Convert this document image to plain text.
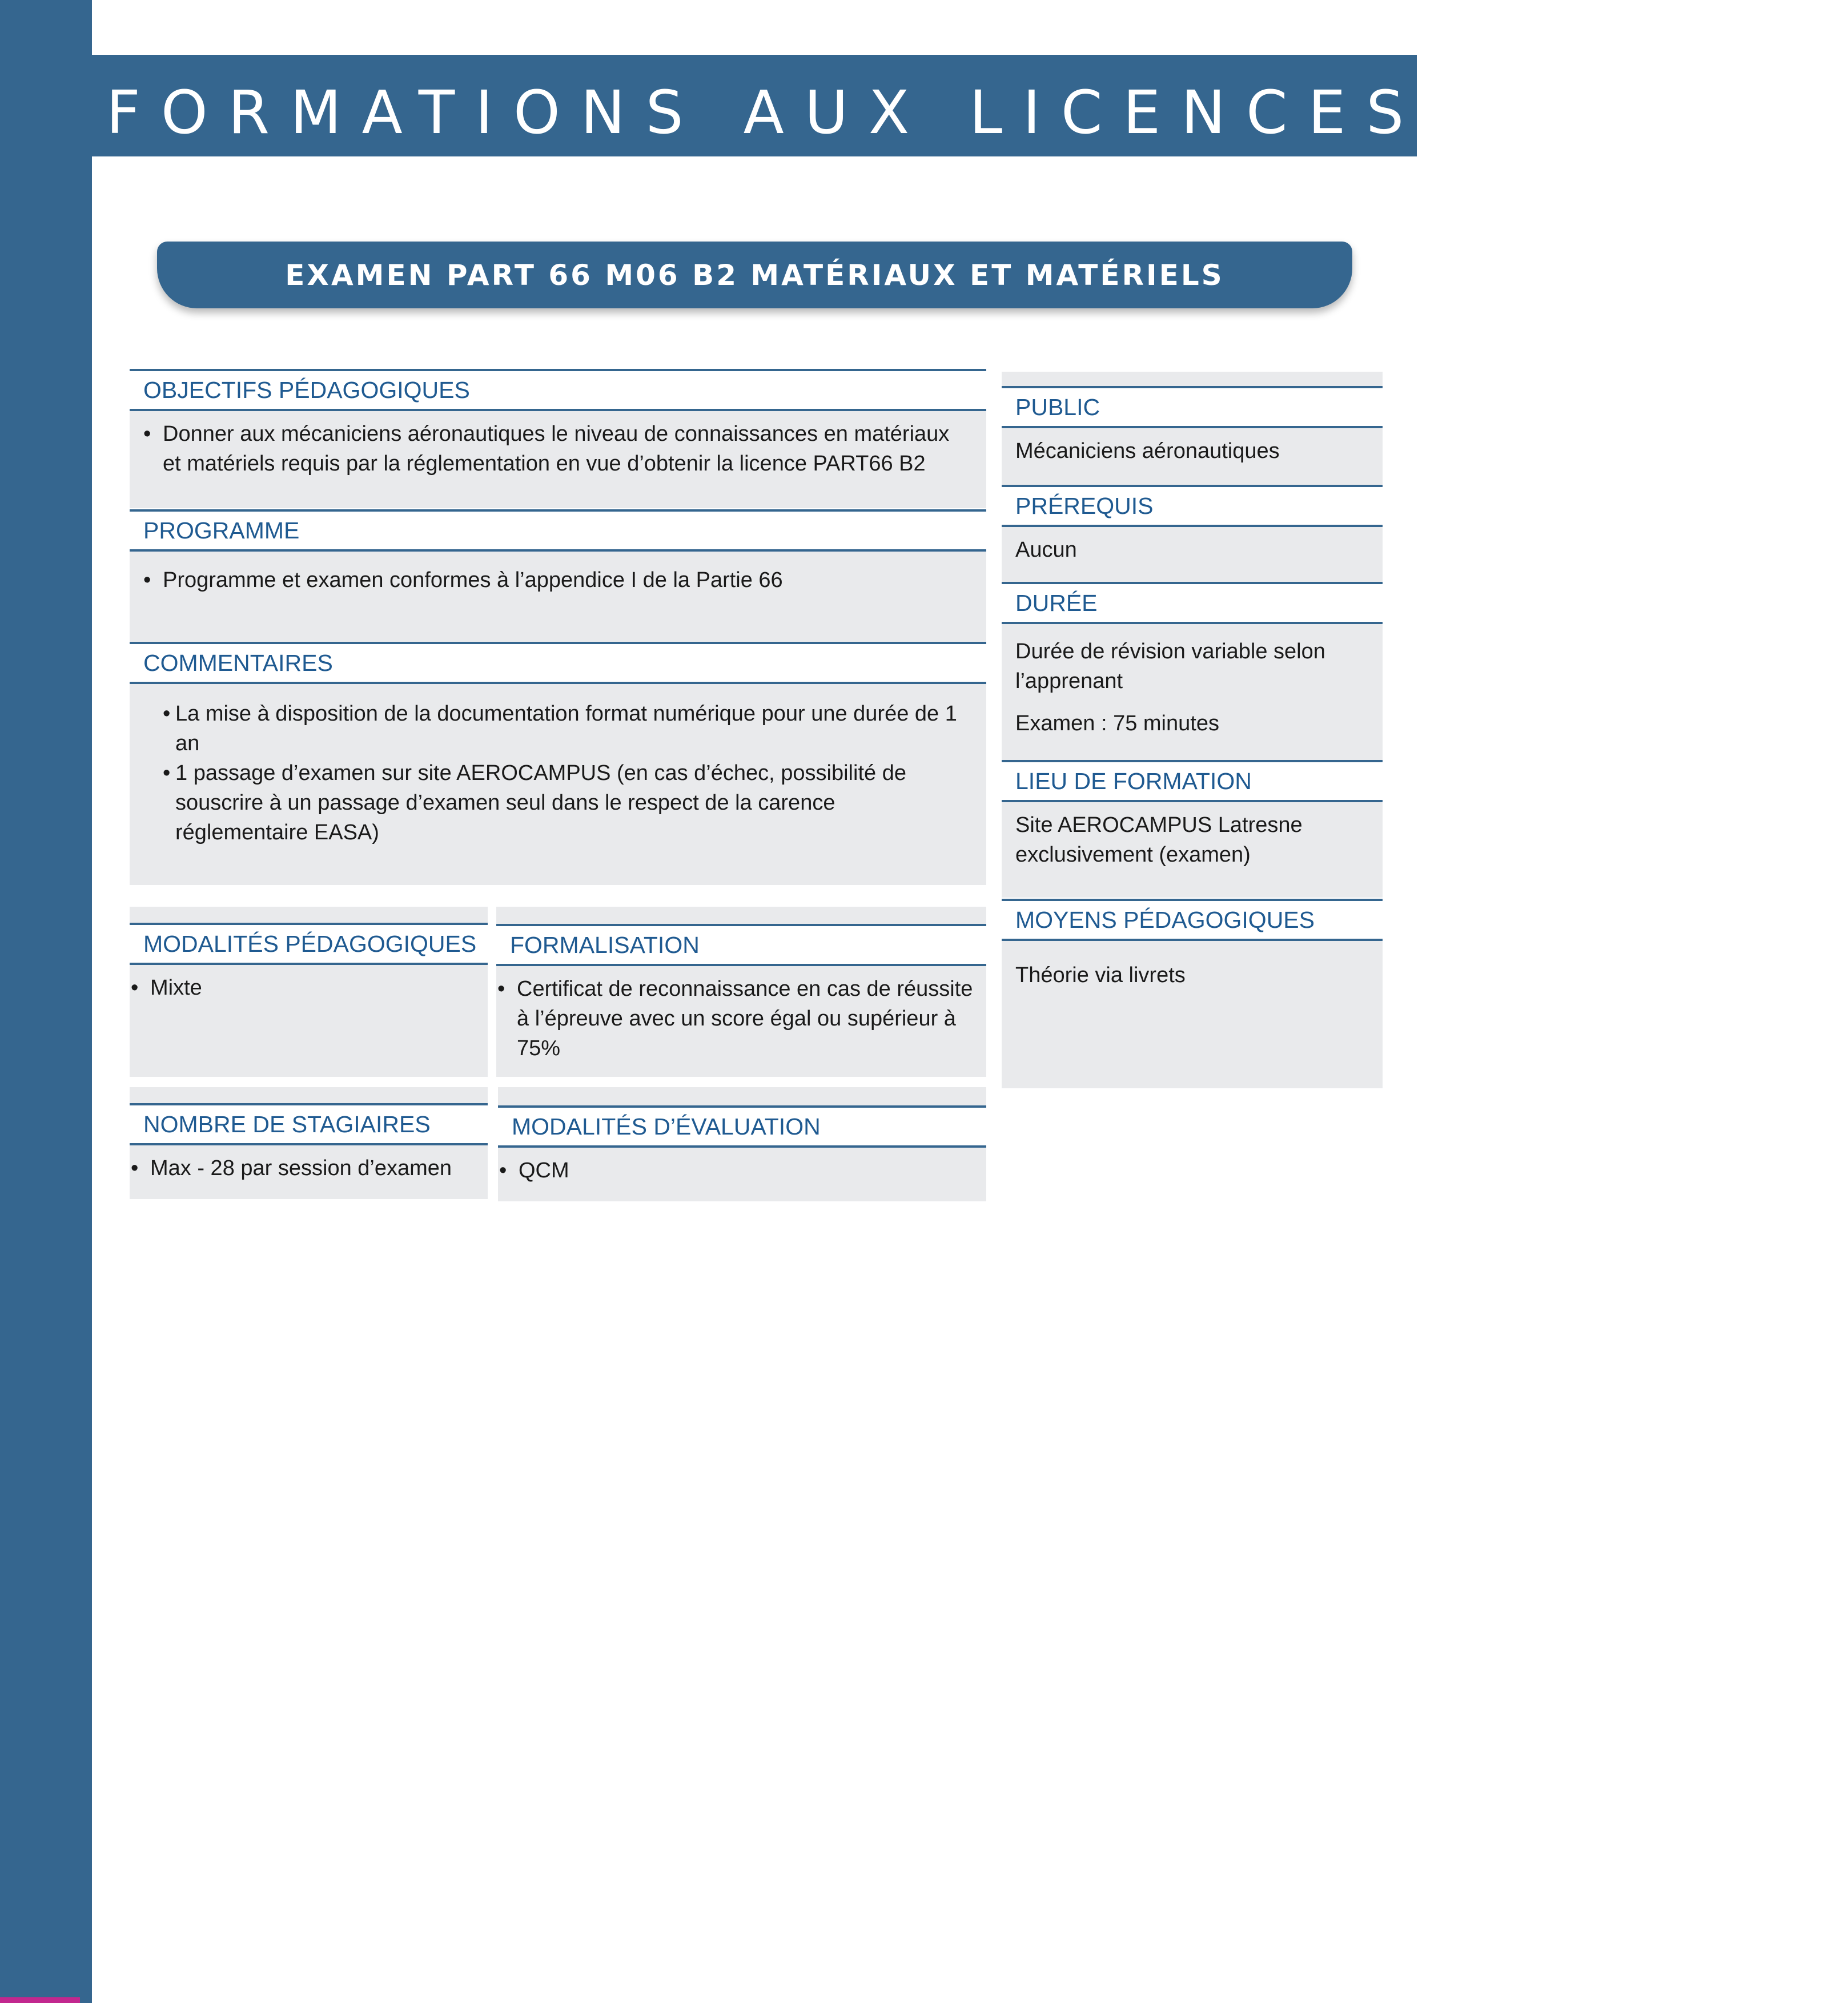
FORMATIONS AUX LICENCES PART 66
EXAMEN PART 66 M06 B2 MATÉRIAUX ET MATÉRIELS
OBJECTIFS PÉDAGOGIQUES
• Donner aux mécaniciens aéronautiques le niveau de connaissances en matériaux et matériels requis par la réglementation en vue d’obtenir la licence PART66 B2
PROGRAMME
• Programme et examen conformes à l’appendice I de la Partie 66
COMMENTAIRES
• La mise à disposition de la documentation format numérique pour une durée de 1 an
• 1 passage d’examen sur site AEROCAMPUS (en cas d’échec, possibilité de souscrire à un passage d’examen seul dans le respect de la carence réglementaire EASA)
MODALITÉS PÉDAGOGIQUES
• Mixte
FORMALISATION
• Certificat de reconnaissance en cas de réussite à l’épreuve avec un score égal ou supérieur à 75%
NOMBRE DE STAGIAIRES
• Max - 28 par session d’examen
MODALITÉS D’ÉVALUATION
• QCM
PUBLIC

Mécaniciens aéronautiques

PRÉREQUIS

Aucun

DURÉE

Durée de révision variable selon l’apprenant

Examen : 75 minutes

LIEU DE FORMATION

Site AEROCAMPUS Latresne exclusivement (examen)

MOYENS PÉDAGOGIQUES

Théorie via livrets
